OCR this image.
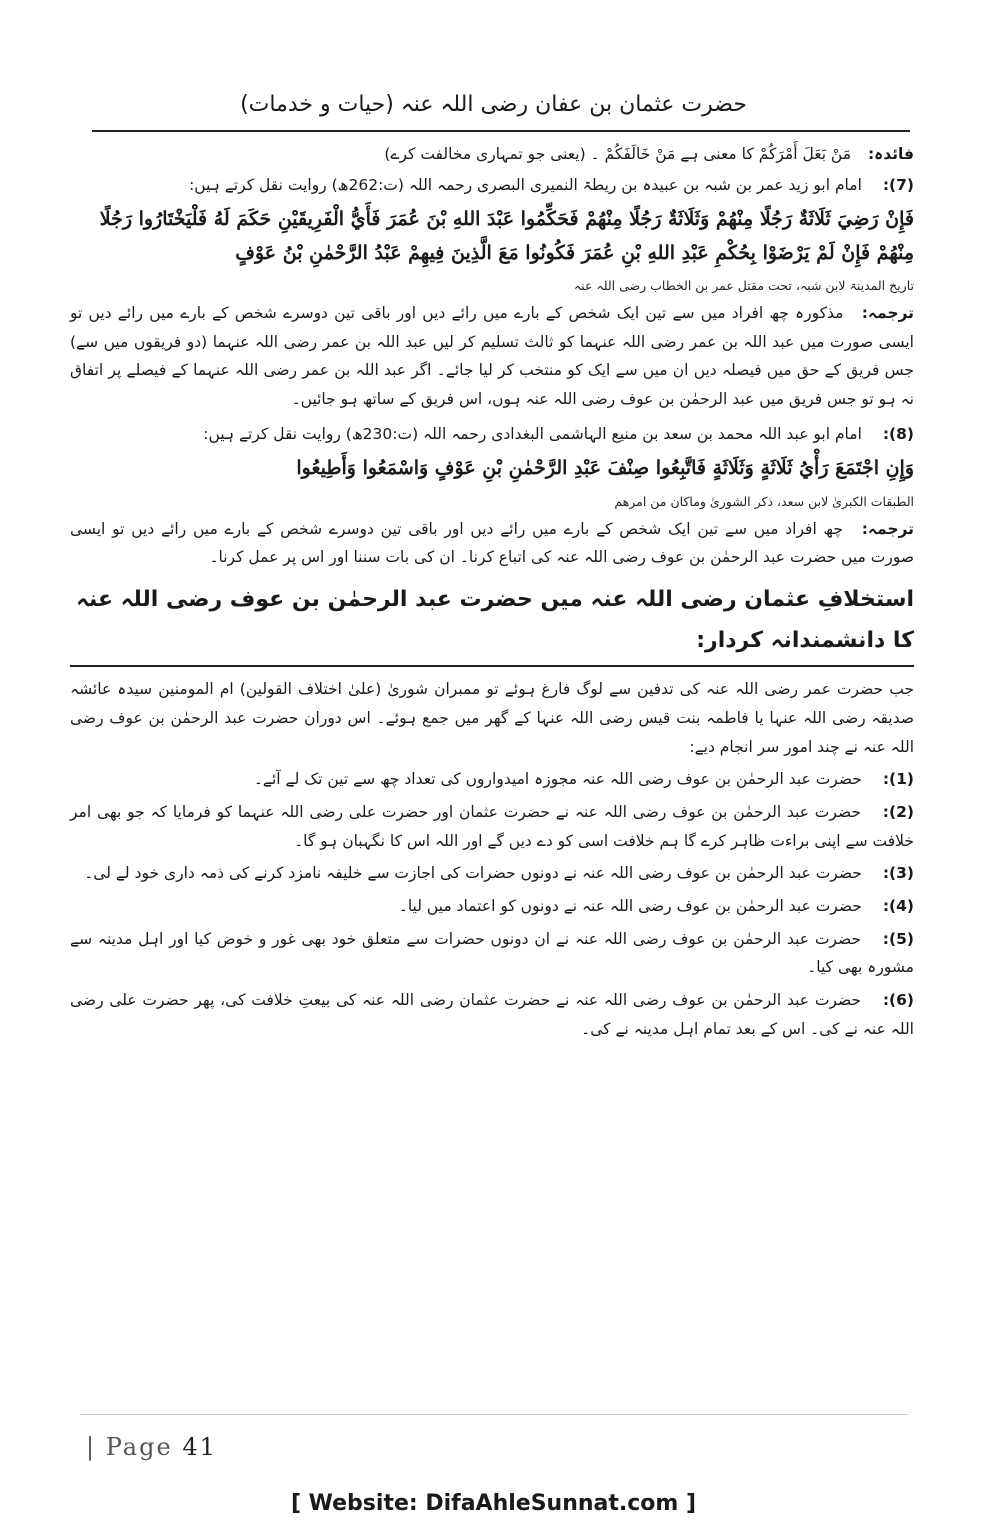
حضرت عثمان بن عفان رضی اللہ عنہ (حیات و خدمات)
فائدہ: مَنْ بَعَلَ أَمْرَكُمْ کا معنی ہے مَنْ خَالَفَكُمْ ۔ (یعنی جو تمہاری مخالفت کرے)
(7): امام ابو زید عمر بن شبہ بن عبیدہ بن ریطۃ النمیری البصری رحمہ اللہ (ت:262ھ) روایت نقل کرتے ہیں:
فَإِنْ رَضِيَ ثَلَاثَةٌ رَجُلًا مِنْهُمْ وَثَلَاثَةٌ رَجُلًا مِنْهُمْ فَحَكِّمُوا عَبْدَ اللهِ بْنَ عُمَرَ فَأَيُّ الْفَرِيقَيْنِ حَكَمَ لَهُ فَلْيَخْتَارُوا رَجُلًا مِنْهُمْ فَإِنْ لَمْ يَرْضَوْا بِحُكْمِ عَبْدِ اللهِ بْنِ عُمَرَ فَكُونُوا مَعَ الَّذِينَ فِيهِمْ عَبْدُ الرَّحْمٰنِ بْنُ عَوْفٍ
تاریخ المدینۃ لابن شبہ، تحت مقتل عمر بن الخطاب رضی اللہ عنہ
ترجمہ: مذکورہ چھ افراد میں سے تین ایک شخص کے بارے میں رائے دیں اور باقی تین دوسرے شخص کے بارے میں رائے دیں تو ایسی صورت میں عبد اللہ بن عمر رضی اللہ عنہما کو ثالث تسلیم کر لیں عبد اللہ بن عمر رضی اللہ عنہما (دو فریقوں میں سے) جس فریق کے حق میں فیصلہ دیں ان میں سے ایک کو منتخب کر لیا جائے۔ اگر عبد اللہ بن عمر رضی اللہ عنہما کے فیصلے پر اتفاق نہ ہو تو جس فریق میں عبد الرحمٰن بن عوف رضی اللہ عنہ ہوں، اس فریق کے ساتھ ہو جائیں۔
(8): امام ابو عبد اللہ محمد بن سعد بن منیع الہاشمی البغدادی رحمہ اللہ (ت:230ھ) روایت نقل کرتے ہیں:
وَإِنِ اجْتَمَعَ رَأْيُ ثَلَاثَةٍ وَثَلَاثَةٍ فَاتَّبِعُوا صِنْفَ عَبْدِ الرَّحْمٰنِ بْنِ عَوْفٍ وَاسْمَعُوا وَأَطِيعُوا
الطبقات الکبریٰ لابن سعد، ذکر الشوریٰ وماکان من امرھم
ترجمہ: چھ افراد میں سے تین ایک شخص کے بارے میں رائے دیں اور باقی تین دوسرے شخص کے بارے میں رائے دیں تو ایسی صورت میں حضرت عبد الرحمٰن بن عوف رضی اللہ عنہ کی اتباع کرنا۔ ان کی بات سننا اور اس پر عمل کرنا۔
استخلافِ عثمان رضی اللہ عنہ میں حضرت عبد الرحمٰن بن عوف رضی اللہ عنہ کا دانشمندانہ کردار:
جب حضرت عمر رضی اللہ عنہ کی تدفین سے لوگ فارغ ہوئے تو ممبران شوریٰ (علیٰ اختلاف القولین) ام المومنین سیدہ عائشہ صدیقہ رضی اللہ عنہا یا فاطمہ بنت قیس رضی اللہ عنہا کے گھر میں جمع ہوئے۔ اس دوران حضرت عبد الرحمٰن بن عوف رضی اللہ عنہ نے چند امور سر انجام دیے:
(1): حضرت عبد الرحمٰن بن عوف رضی اللہ عنہ مجوزہ امیدواروں کی تعداد چھ سے تین تک لے آئے۔
(2): حضرت عبد الرحمٰن بن عوف رضی اللہ عنہ نے حضرت عثمان اور حضرت علی رضی اللہ عنہما کو فرمایا کہ جو بھی امر خلافت سے اپنی براءت ظاہر کرے گا ہم خلافت اسی کو دے دیں گے اور اللہ اس کا نگہبان ہو گا۔
(3): حضرت عبد الرحمٰن بن عوف رضی اللہ عنہ نے دونوں حضرات کی اجازت سے خلیفہ نامزد کرنے کی ذمہ داری خود لے لی۔
(4): حضرت عبد الرحمٰن بن عوف رضی اللہ عنہ نے دونوں کو اعتماد میں لیا۔
(5): حضرت عبد الرحمٰن بن عوف رضی اللہ عنہ نے ان دونوں حضرات سے متعلق خود بھی غور و خوض کیا اور اہل مدینہ سے مشورہ بھی کیا۔
(6): حضرت عبد الرحمٰن بن عوف رضی اللہ عنہ نے حضرت عثمان رضی اللہ عنہ کی بیعتِ خلافت کی، پھر حضرت علی رضی اللہ عنہ نے کی۔ اس کے بعد تمام اہل مدینہ نے کی۔
| Page 41
[ Website: DifaAhleSunnat.com ]
